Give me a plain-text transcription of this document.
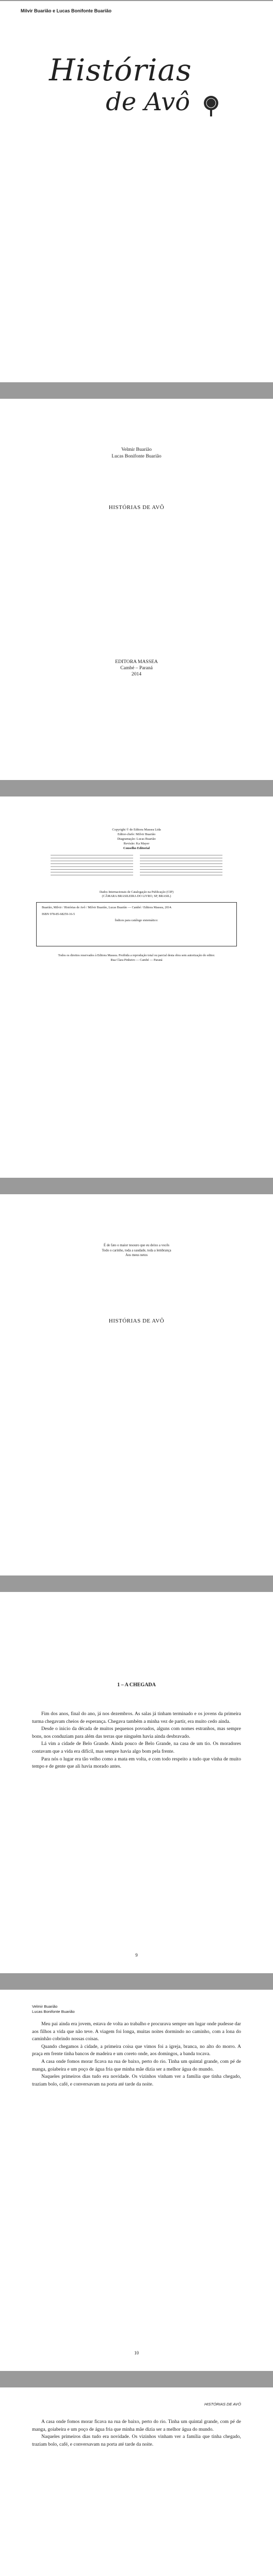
Milvir Buarião e Lucas Bonifonte Buarião
Histórias
de Avô
Velmir Buarião
Lucas Bonifonte Buarião
HISTÓRIAS DE AVÔ
EDITORA MASSEA
Cambé – Paraná
2014
Copyright © de Editora Massea Ltda
Editor-chefe: Milvir Buarião
Diagramação: Lucas Buarião
Revisão: Ka Mayer
Conselho Editorial
Dados Internacionais de Catalogação na Publicação (CIP)
(CÂMARA BRASILEIRA DO LIVRO, SP, BRASIL)
Buarião, Milvir / Histórias de Avô / Milvir Buarião, Lucas Buarião — Cambé / Editora Massea, 2014.
ISBN 978-85-68259-16-5
Índices para catálogo sistemático:
Todos os direitos reservados à Editora Massea. Proibida a reprodução total ou parcial desta obra sem autorização do editor.
Rua Clara Pinheiro — Cambé — Paraná
É de fato o maior tesouro que eu deixo a vocês
Todo o carinho, toda a saudade, toda a lembrança
Aos meus netos
HISTÓRIAS DE AVÔ
1 – A CHEGADA

Fim dos anos, final do ano, já nos dezembros. As salas já tinham terminado e os jovens da primeira turma chegavam cheios de esperança. Chegava também a minha vez de partir, era muito cedo ainda.

Desde o inicio da década de muitos pequenos povoados, alguns com nomes estranhos, mas sempre bons, nos conduziam para além das terras que ninguém havia ainda desbravado.

Lá vim a cidade de Belo Grande. Ainda pouco de Belo Grande, na casa de um tio. Os moradores contavam que a vida era difícil, mas sempre havia algo bom pela frente.

Para nós o lugar era tão velho como a mata em volta, e com todo respeito a tudo que vinha de muito tempo e de gente que ali havia morado antes.

9
Velmir Buarião
Lucas Bonifonte Buarião

Meu pai ainda era jovem, estava de volta ao trabalho e procurava sempre um lugar onde pudesse dar aos filhos a vida que não teve. A viagem foi longa, muitas noites dormindo no caminho, com a lona do caminhão cobrindo nossas coisas.

Quando chegamos à cidade, a primeira coisa que vimos foi a igreja, branca, no alto do morro. A praça em frente tinha bancos de madeira e um coreto onde, aos domingos, a banda tocava.

A casa onde fomos morar ficava na rua de baixo, perto do rio. Tinha um quintal grande, com pé de manga, goiabeira e um poço de água fria que minha mãe dizia ser a melhor água do mundo.

Naqueles primeiros dias tudo era novidade. Os vizinhos vinham ver a família que tinha chegado, traziam bolo, café, e conversavam na porta até tarde da noite.

10
HISTÓRIAS DE AVÔ

A casa onde fomos morar ficava na rua de baixo, perto do rio. Tinha um quintal grande, com pé de manga, goiabeira e um poço de água fria que minha mãe dizia ser a melhor água do mundo.

Naqueles primeiros dias tudo era novidade. Os vizinhos vinham ver a família que tinha chegado, traziam bolo, café, e conversavam na porta até tarde da noite.
